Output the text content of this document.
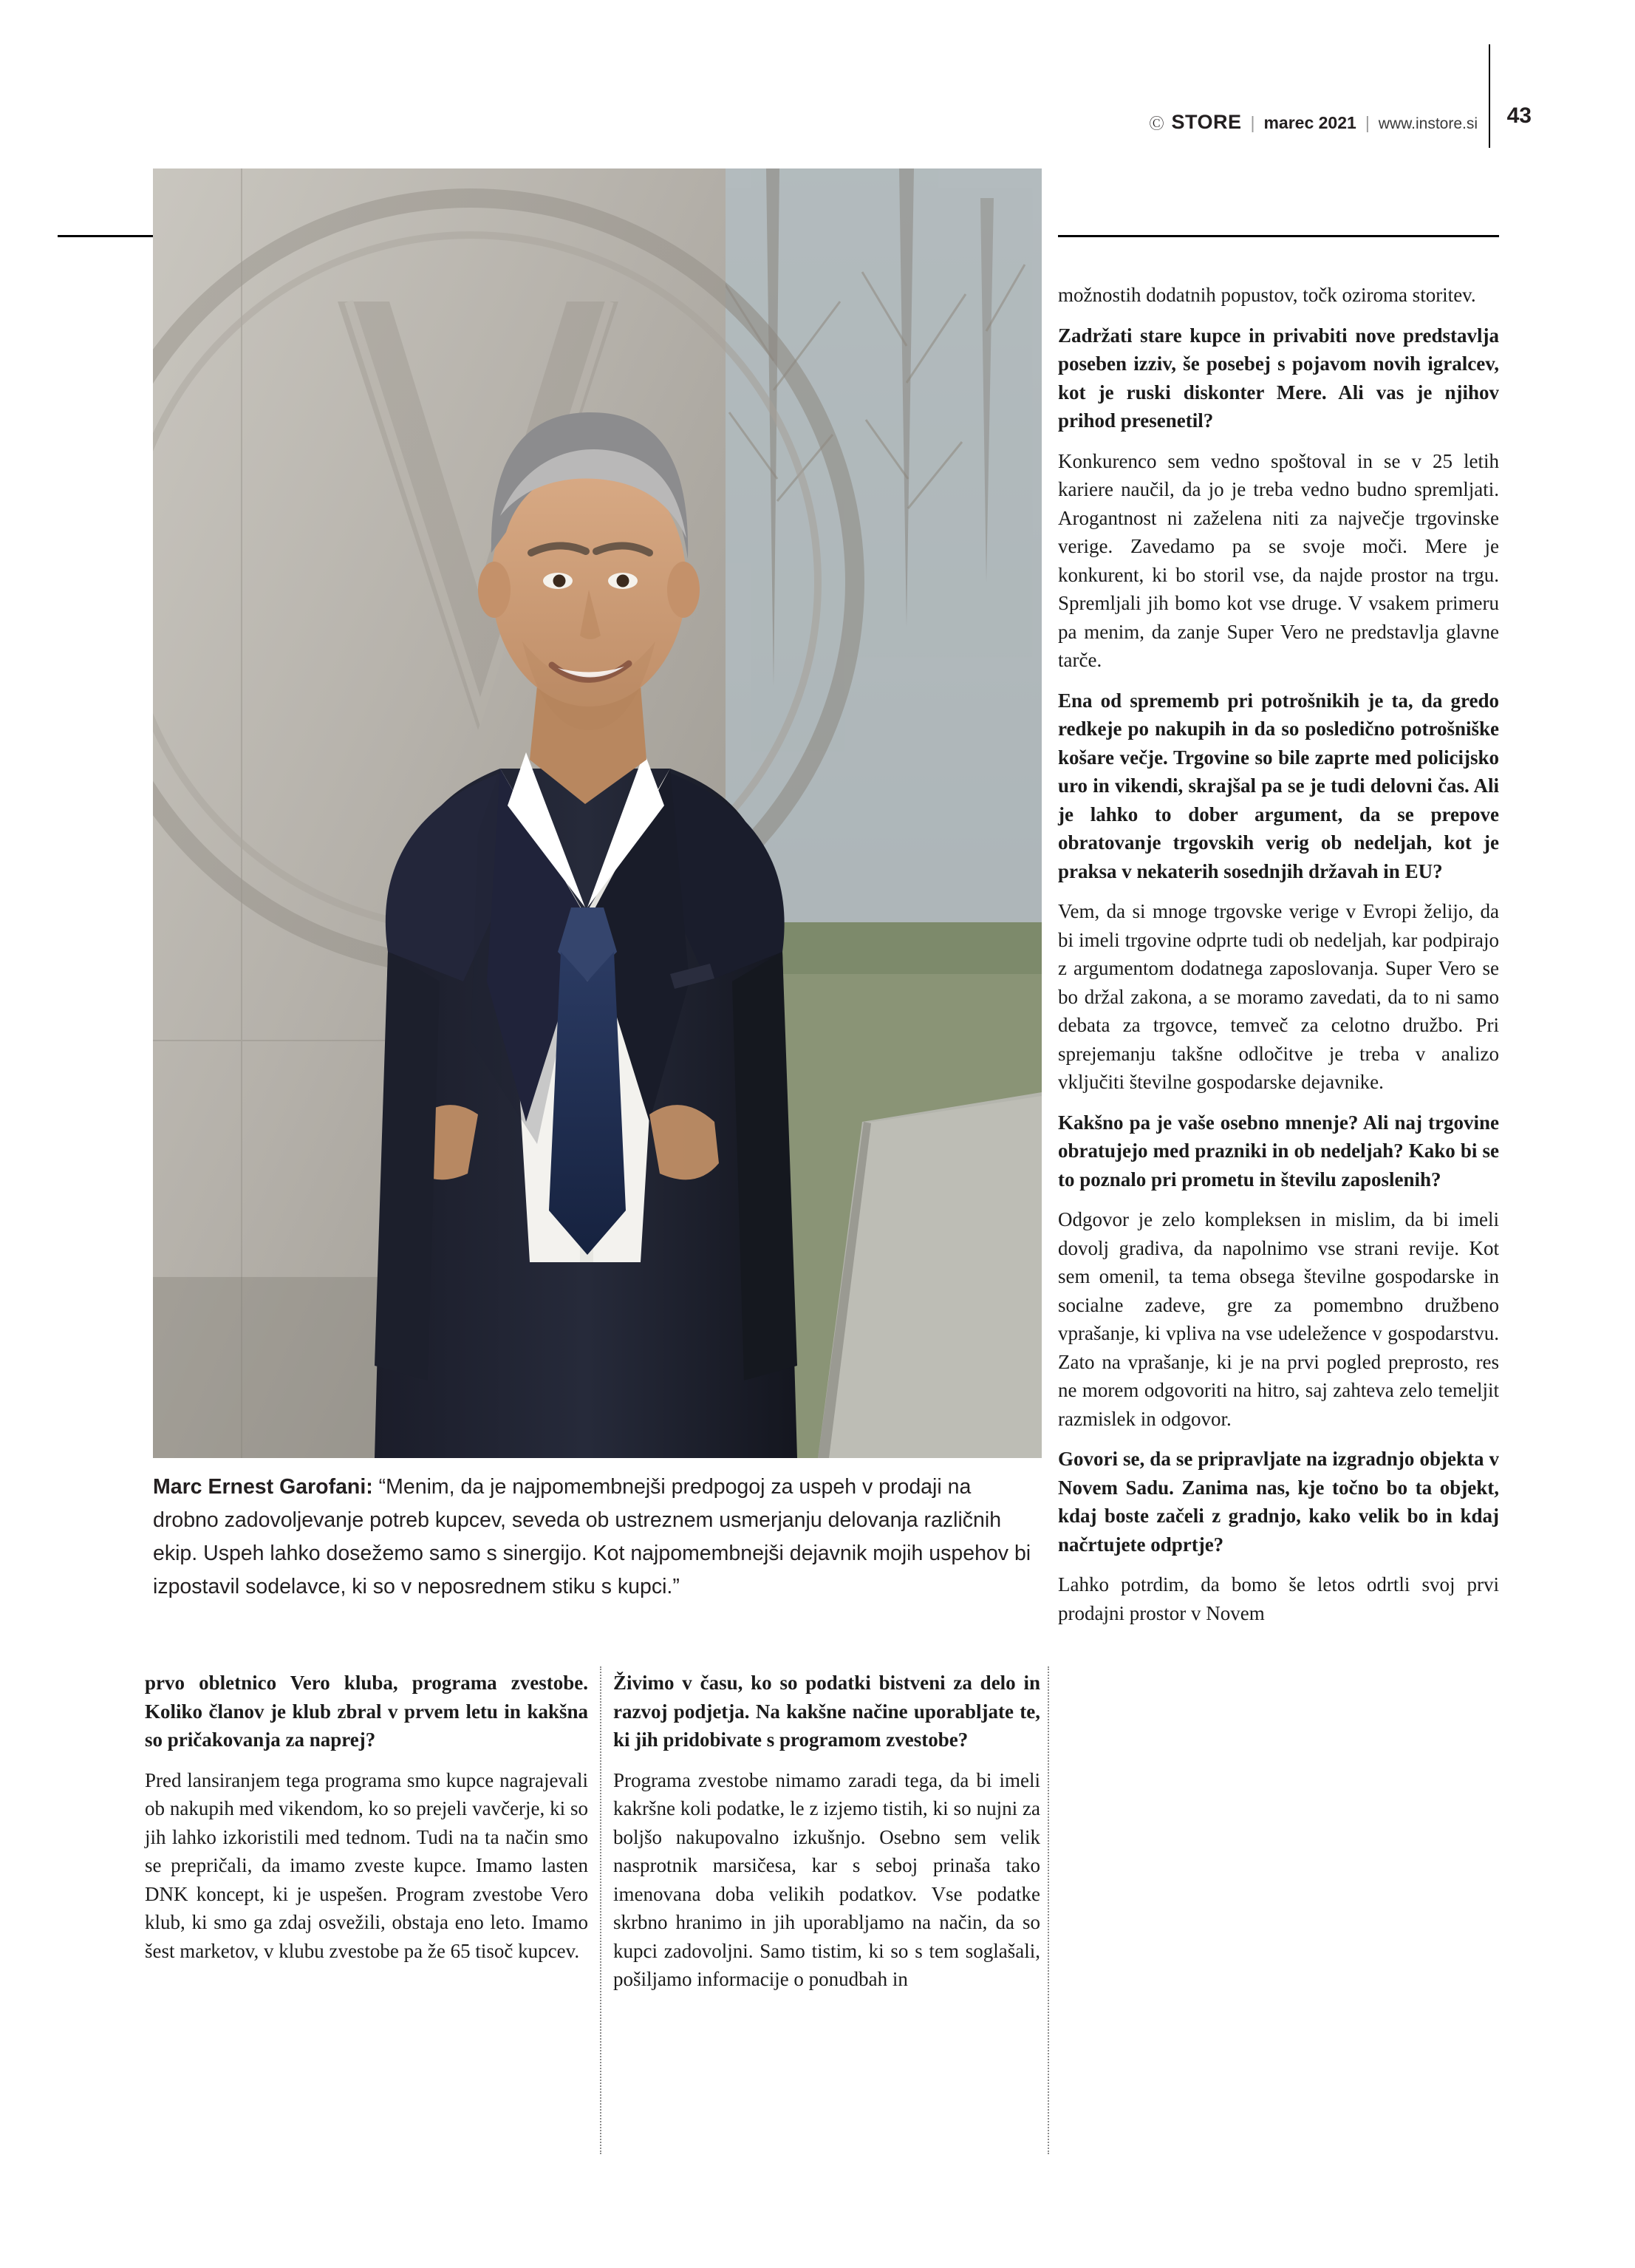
Ⓒ STORE | marec 2021 | www.instore.si 43
Marc Ernest Garofani: “Menim, da je najpomembnejši predpogoj za uspeh v prodaji na drobno zadovoljevanje potreb kupcev, seveda ob ustreznem usmerjanju delovanja različnih ekip. Uspeh lahko dosežemo samo s sinergijo. Kot najpomembnejši dejavnik mojih uspehov bi izpostavil sodelavce, ki so v neposrednem stiku s kupci.”

prvo obletnico Vero kluba, programa zvestobe. Koliko članov je klub zbral v prvem letu in kakšna so pričakovanja za naprej?

Pred lansiranjem tega programa smo kupce nagrajevali ob nakupih med vikendom, ko so prejeli vavčerje, ki so jih lahko izkoristili med tednom. Tudi na ta način smo se prepričali, da imamo zveste kupce. Imamo lasten DNK koncept, ki je uspešen. Program zvestobe Vero klub, ki smo ga zdaj osvežili, obstaja eno leto. Imamo šest marketov, v klubu zvestobe pa že 65 tisoč kupcev.

Živimo v času, ko so podatki bistveni za delo in razvoj podjetja. Na kakšne načine uporabljate te, ki jih pridobivate s programom zvestobe?

Programa zvestobe nimamo zaradi tega, da bi imeli kakršne koli podatke, le z izjemo tistih, ki so nujni za boljšo nakupovalno izkušnjo. Osebno sem velik nasprotnik marsičesa, kar s seboj prinaša tako imenovana doba velikih podatkov. Vse podatke skrbno hranimo in jih uporabljamo na način, da so kupci zadovoljni. Samo tistim, ki so s tem soglašali, pošiljamo informacije o ponudbah in

možnostih dodatnih popustov, točk oziroma storitev.

Zadržati stare kupce in privabiti nove predstavlja poseben izziv, še posebej s pojavom novih igralcev, kot je ruski diskonter Mere. Ali vas je njihov prihod presenetil?

Konkurenco sem vedno spoštoval in se v 25 letih kariere naučil, da jo je treba vedno budno spremljati. Arogantnost ni zaželena niti za največje trgovinske verige. Zavedamo pa se svoje moči. Mere je konkurent, ki bo storil vse, da najde prostor na trgu. Spremljali jih bomo kot vse druge. V vsakem primeru pa menim, da zanje Super Vero ne predstavlja glavne tarče.

Ena od sprememb pri potrošnikih je ta, da gredo redkeje po nakupih in da so posledično potrošniške košare večje. Trgovine so bile zaprte med policijsko uro in vikendi, skrajšal pa se je tudi delovni čas. Ali je lahko to dober argument, da se prepove obratovanje trgovskih verig ob nedeljah, kot je praksa v nekaterih sosednjih državah in EU?

Vem, da si mnoge trgovske verige v Evropi želijo, da bi imeli trgovine odprte tudi ob nedeljah, kar podpirajo z argumentom dodatnega zaposlovanja. Super Vero se bo držal zakona, a se moramo zavedati, da to ni samo debata za trgovce, temveč za celotno družbo. Pri sprejemanju takšne odločitve je treba v analizo vključiti številne gospodarske dejavnike.

Kakšno pa je vaše osebno mnenje? Ali naj trgovine obratujejo med prazniki in ob nedeljah? Kako bi se to poznalo pri prometu in številu zaposlenih?

Odgovor je zelo kompleksen in mislim, da bi imeli dovolj gradiva, da napolnimo vse strani revije. Kot sem omenil, ta tema obsega številne gospodarske in socialne zadeve, gre za pomembno družbeno vprašanje, ki vpliva na vse udeležence v gospodarstvu. Zato na vprašanje, ki je na prvi pogled preprosto, res ne morem odgovoriti na hitro, saj zahteva zelo temeljit razmislek in odgovor.

Govori se, da se pripravljate na izgradnjo objekta v Novem Sadu. Zanima nas, kje točno bo ta objekt, kdaj boste začeli z gradnjo, kako velik bo in kdaj načrtujete odprtje?

Lahko potrdim, da bomo še letos odrtli svoj prvi prodajni prostor v Novem
